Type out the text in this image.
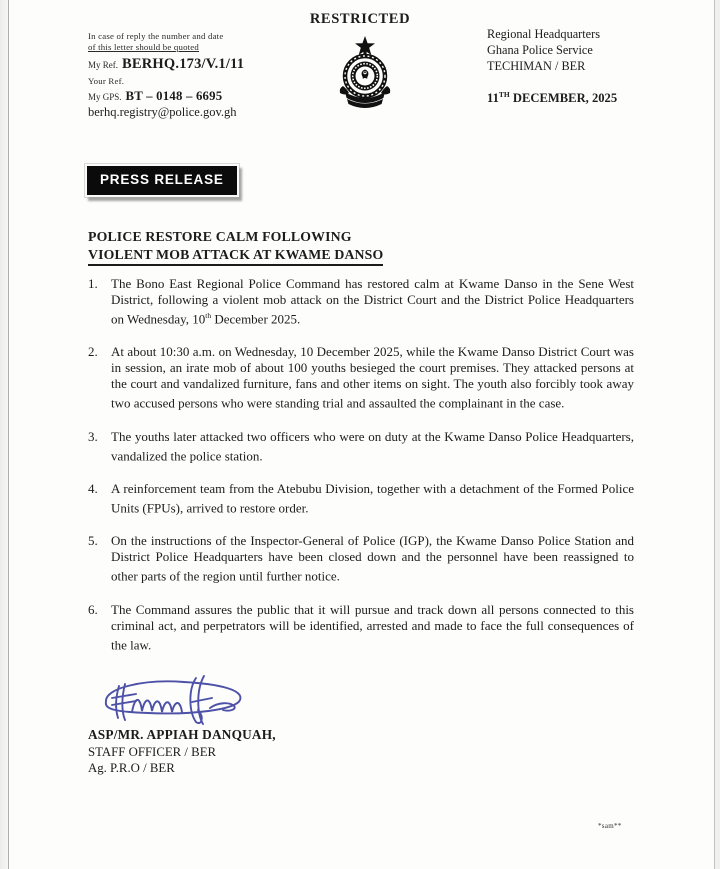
RESTRICTED
In case of reply the number and date
of this letter should be quoted
My Ref. BERHQ.173/V.1/11
Your Ref.
My GPS. BT – 0148 – 6695
berhq.registry@police.gov.gh
Regional Headquarters
Ghana Police Service
TECHIMAN / BER
11TH DECEMBER, 2025
PRESS RELEASE
POLICE RESTORE CALM FOLLOWING
VIOLENT MOB ATTACK AT KWAME DANSO
1.	The Bono East Regional Police Command has restored calm at Kwame Danso in the Sene West District, following a violent mob attack on the District Court and the District Police Headquarters on Wednesday, 10th December 2025.
2.	At about 10:30 a.m. on Wednesday, 10 December 2025, while the Kwame Danso District Court was in session, an irate mob of about 100 youths besieged the court premises. They attacked persons at the court and vandalized furniture, fans and other items on sight. The youth also forcibly took away two accused persons who were standing trial and assaulted the complainant in the case.
3.	The youths later attacked two officers who were on duty at the Kwame Danso Police Headquarters, vandalized the police station.
4.	A reinforcement team from the Atebubu Division, together with a detachment of the Formed Police Units (FPUs), arrived to restore order.
5.	On the instructions of the Inspector-General of Police (IGP), the Kwame Danso Police Station and District Police Headquarters have been closed down and the personnel have been reassigned to other parts of the region until further notice.
6.	The Command assures the public that it will pursue and track down all persons connected to this criminal act, and perpetrators will be identified, arrested and made to face the full consequences of the law.
ASP/MR. APPIAH DANQUAH,
STAFF OFFICER / BER
Ag. P.R.O / BER
*sam**
